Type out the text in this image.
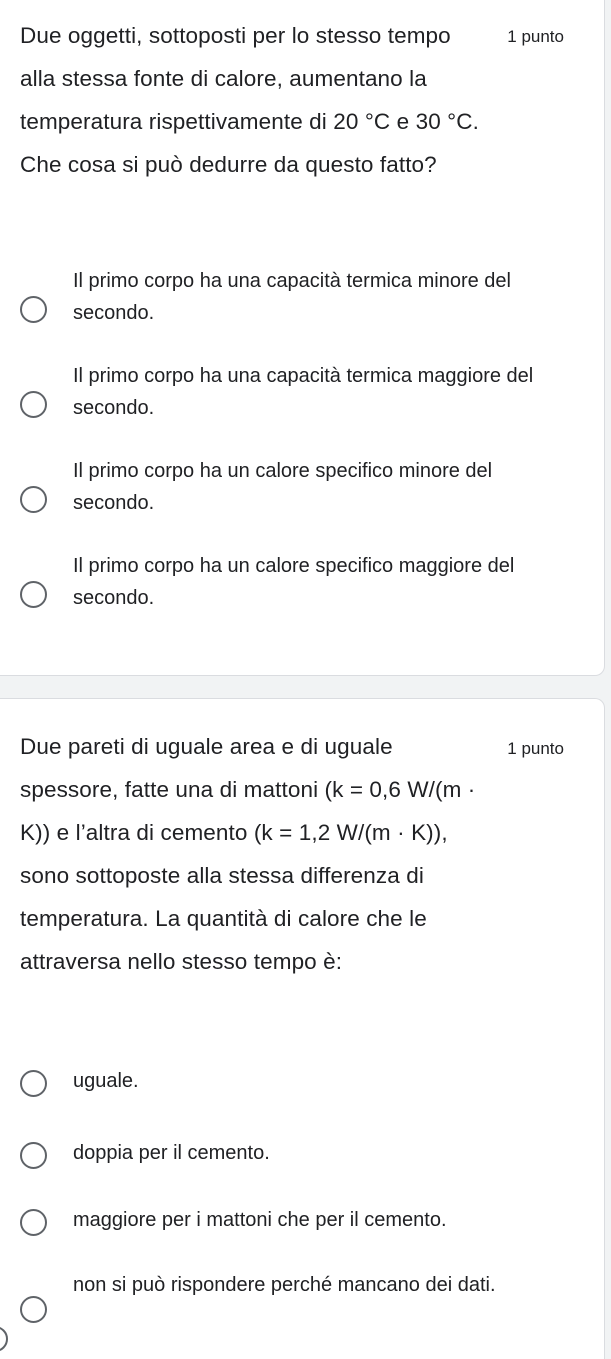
Due oggetti, sottoposti per lo stesso tempo alla stessa fonte di calore, aumentano la temperatura rispettivamente di 20 °C e 30 °C. Che cosa si può dedurre da questo fatto?
1 punto
Il primo corpo ha una capacità termica minore del secondo.
Il primo corpo ha una capacità termica maggiore del secondo.
Il primo corpo ha un calore specifico minore del secondo.
Il primo corpo ha un calore specifico maggiore del secondo.
Due pareti di uguale area e di uguale spessore, fatte una di mattoni (k = 0,6 W/(m · K)) e l’altra di cemento (k = 1,2 W/(m · K)), sono sottoposte alla stessa differenza di temperatura. La quantità di calore che le attraversa nello stesso tempo è:
1 punto
uguale.
doppia per il cemento.
maggiore per i mattoni che per il cemento.
non si può rispondere perché mancano dei dati.
